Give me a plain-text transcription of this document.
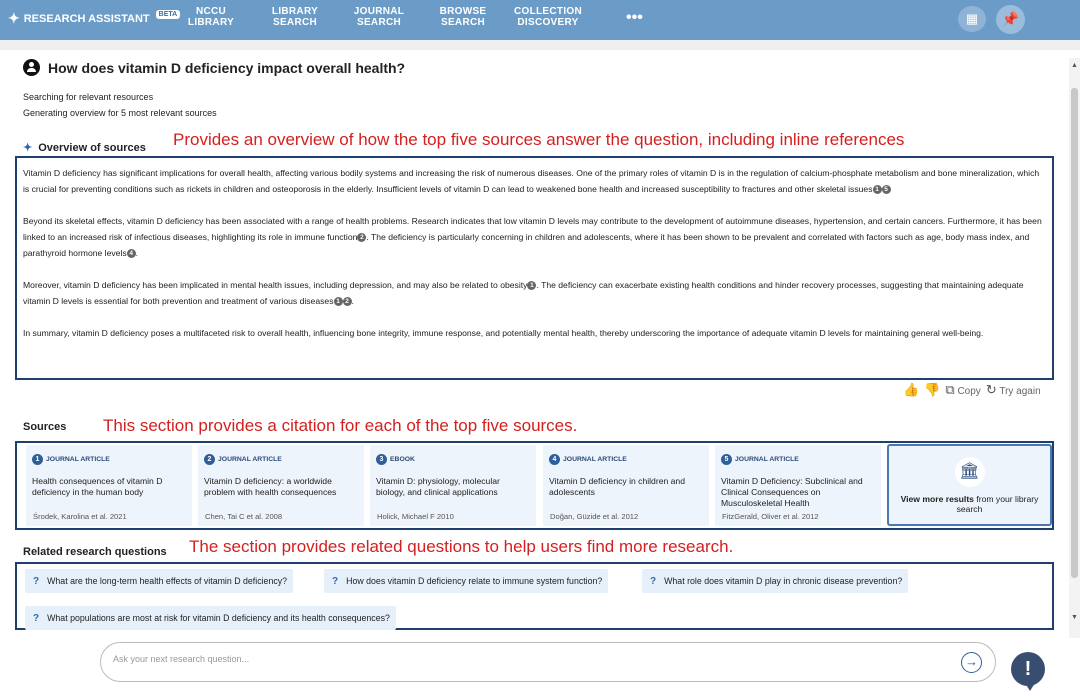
✦ RESEARCH ASSISTANT	BETA	NCCU
LIBRARY
LIBRARY
SEARCH
JOURNAL
SEARCH
BROWSE
SEARCH
COLLECTION
DISCOVERY	•••	▦	📌
▲
▼
How does vitamin D deficiency impact overall health?
Searching for relevant resources
Generating overview for 5 most relevant sources
Provides an overview of how the top five sources answer the question, including inline references
✦ Overview of sources

Vitamin D deficiency has significant implications for overall health, affecting various bodily systems and increasing the risk of numerous diseases. One of the primary roles of vitamin D is in the regulation of calcium-phosphate metabolism and bone mineralization, which is crucial for preventing conditions such as rickets in children and osteoporosis in the elderly. Insufficient levels of vitamin D can lead to weakened bone health and increased susceptibility to fractures and other skeletal issues 1 5

Beyond its skeletal effects, vitamin D deficiency has been associated with a range of health problems. Research indicates that low vitamin D levels may contribute to the development of autoimmune diseases, hypertension, and certain cancers. Furthermore, it has been linked to an increased risk of infectious diseases, highlighting its role in immune function 2 . The deficiency is particularly concerning in children and adolescents, where it has been shown to be prevalent and correlated with factors such as age, body mass index, and parathyroid hormone levels 4 .

Moreover, vitamin D deficiency has been implicated in mental health issues, including depression, and may also be related to obesity 1 . The deficiency can exacerbate existing health conditions and hinder recovery processes, suggesting that maintaining adequate vitamin D levels is essential for both prevention and treatment of various diseases 1 2 .

In summary, vitamin D deficiency poses a multifaceted risk to overall health, influencing bone integrity, immune response, and potentially mental health, thereby underscoring the importance of adequate vitamin D levels for maintaining general well-being.

👍 👎 ⧉ Copy ↻ Try again
Sources This section provides a citation for each of the top five sources.
1 JOURNAL ARTICLE
Health consequences of vitamin D deficiency in the human body
Środek, Karolina et al. 2021
2 JOURNAL ARTICLE
Vitamin D deficiency: a worldwide problem with health consequences
Chen, Tai C et al. 2008
3 EBOOK
Vitamin D: physiology, molecular biology, and clinical applications
Holick, Michael F 2010
4 JOURNAL ARTICLE
Vitamin D deficiency in children and adolescents
Doğan, Güzide et al. 2012
5 JOURNAL ARTICLE
Vitamin D Deficiency: Subclinical and Clinical Consequences on Musculoskeletal Health
FitzGerald, Oliver et al. 2012
🏛
View more results from your library search
Related research questions The section provides related questions to help users find more research.
? What are the long-term health effects of vitamin D deficiency?	? How does vitamin D deficiency relate to immune system function?	? What role does vitamin D play in chronic disease prevention?
? What populations are most at risk for vitamin D deficiency and its health consequences?
Ask your next research question...
→	!
